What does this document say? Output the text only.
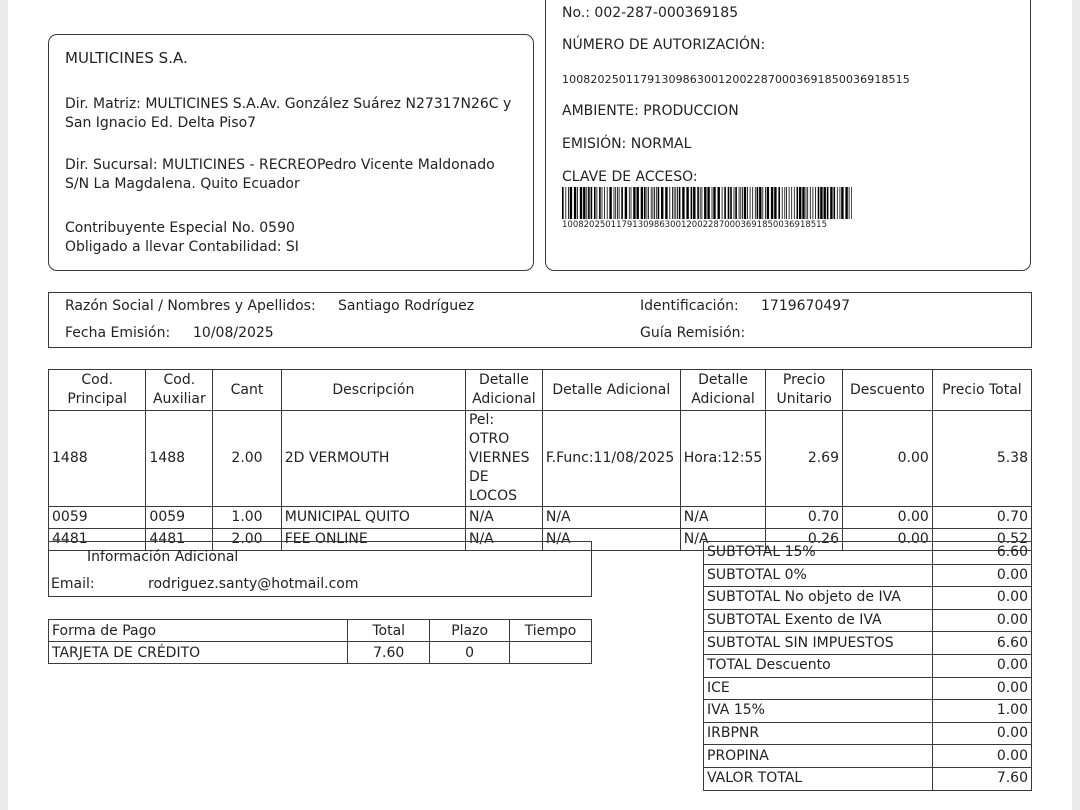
MULTICINES S.A.
Dir. Matriz: MULTICINES S.A.Av. González Suárez N27317N26C y San Ignacio Ed. Delta Piso7
Dir. Sucursal: MULTICINES - RECREOPedro Vicente Maldonado S/N La Magdalena. Quito Ecuador
Contribuyente Especial No. 0590
Obligado a llevar Contabilidad: SI
No.: 002-287-000369185
NÚMERO DE AUTORIZACIÓN:
1008202501179130986300120022870003691850036918515
AMBIENTE: PRODUCCION
EMISIÓN: NORMAL
CLAVE DE ACCESO:
1008202501179130986300120022870003691850036918515
Razón Social / Nombres y Apellidos: Santiago Rodríguez	Identificación: 1719670497
Fecha Emisión: 10/08/2025	Guía Remisión:
Cod. Principal	Cod. Auxiliar	Cant	Descripción	Detalle Adicional	Detalle Adicional	Detalle Adicional	Precio Unitario	Descuento	Precio Total
1488	1488	2.00	2D VERMOUTH	Pel: OTRO VIERNES DE LOCOS	F.Func:11/08/2025	Hora:12:55	2.69	0.00	5.38
0059	0059	1.00	MUNICIPAL QUITO	N/A	N/A	N/A	0.70	0.00	0.70
4481	4481	2.00	FEE ONLINE	N/A	N/A	N/A	0.26	0.00	0.52
Información Adicional
Email:	rodriguez.santy@hotmail.com
Forma de Pago	Total	Plazo	Tiempo
TARJETA DE CRÉDITO	7.60	0	
SUBTOTAL 15%	6.60
SUBTOTAL 0%	0.00
SUBTOTAL No objeto de IVA	0.00
SUBTOTAL Exento de IVA	0.00
SUBTOTAL SIN IMPUESTOS	6.60
TOTAL Descuento	0.00
ICE	0.00
IVA 15%	1.00
IRBPNR	0.00
PROPINA	0.00
VALOR TOTAL	7.60
